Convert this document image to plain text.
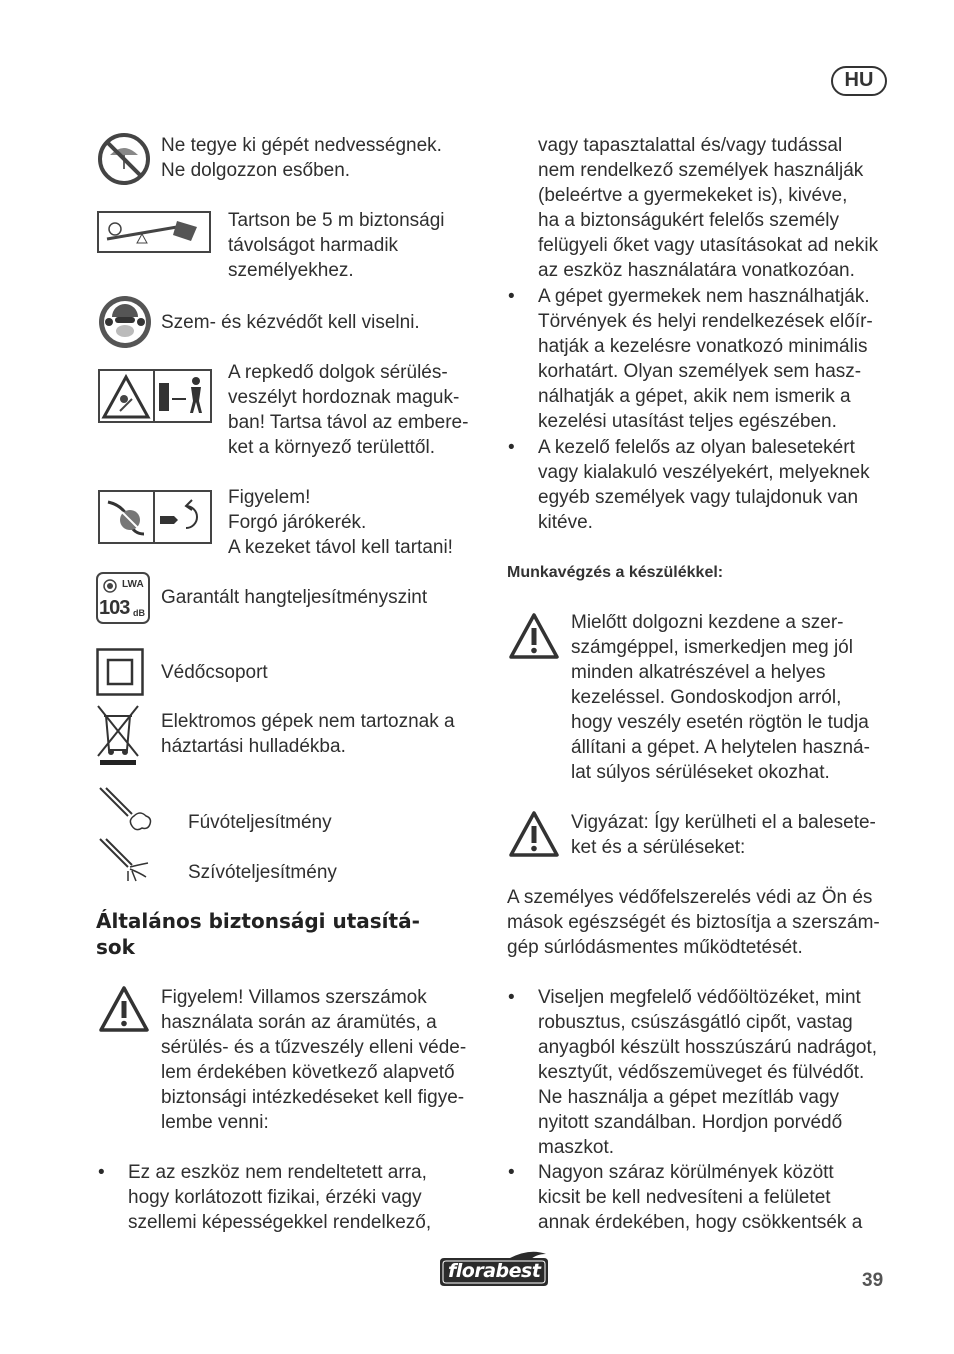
HU
Ne tegye ki gépét nedvességnek.
Ne dolgozzon esőben.
Tartson be 5 m biztonsági
távolságot harmadik
személyekhez.
Szem- és kézvédőt kell viselni.
A repkedő dolgok sérülés-
veszélyt hordoznak maguk-
ban! Tartsa távol az embere-
ket a környező területtől.
Figyelem!
Forgó járókerék.
A kezeket távol kell tartani!
LWA
103 dB
Garantált hangteljesítményszint
Védőcsoport
Elektromos gépek nem tartoznak a
háztartási hulladékba.
Fúvóteljesítmény
Szívóteljesítmény
Általános biztonsági utasítá-
sok
Figyelem! Villamos szerszámok
használata során az áramütés, a
sérülés- és a tűzveszély elleni véde-
lem érdekében következő alapvető
biztonsági intézkedéseket kell figye-
lembe venni:
• Ez az eszköz nem rendeltetett arra,
hogy korlátozott fizikai, érzéki vagy
szellemi képességekkel rendelkező,
vagy tapasztalattal és/vagy tudással
nem rendelkező személyek használják
(beleértve a gyermekeket is), kivéve,
ha a biztonságukért felelős személy
felügyeli őket vagy utasításokat ad nekik
az eszköz használatára vonatkozóan.
• A gépet gyermekek nem használhatják.
Törvények és helyi rendelkezések előír-
hatják a kezelésre vonatkozó minimális
korhatárt. Olyan személyek sem hasz-
nálhatják a gépet, akik nem ismerik a
kezelési utasítást teljes egészében.
• A kezelő felelős az olyan balesetekért
vagy kialakuló veszélyekért, melyeknek
egyéb személyek vagy tulajdonuk van
kitéve.
Munkavégzés a készülékkel:
Mielőtt dolgozni kezdene a szer-
számgéppel, ismerkedjen meg jól
minden alkatrészével a helyes
kezeléssel. Gondoskodjon arról,
hogy veszély esetén rögtön le tudja
állítani a gépet. A helytelen haszná-
lat súlyos sérüléseket okozhat.
Vigyázat: Így kerülheti el a balesete-
ket és a sérüléseket:
A személyes védőfelszerelés védi az Ön és
mások egészségét és biztosítja a szerszám-
gép súrlódásmentes működtetését.
• Viseljen megfelelő védőöltözéket, mint
robusztus, csúszásgátló cipőt, vastag
anyagból készült hosszúszárú nadrágot,
kesztyűt, védőszemüveget és fülvédőt.
Ne használja a gépet mezítláb vagy
nyitott szandálban. Hordjon porvédő
maszkot.
• Nagyon száraz körülmények között
kicsit be kell nedvesíteni a felületet
annak érdekében, hogy csökkentsék a
florabest	39
